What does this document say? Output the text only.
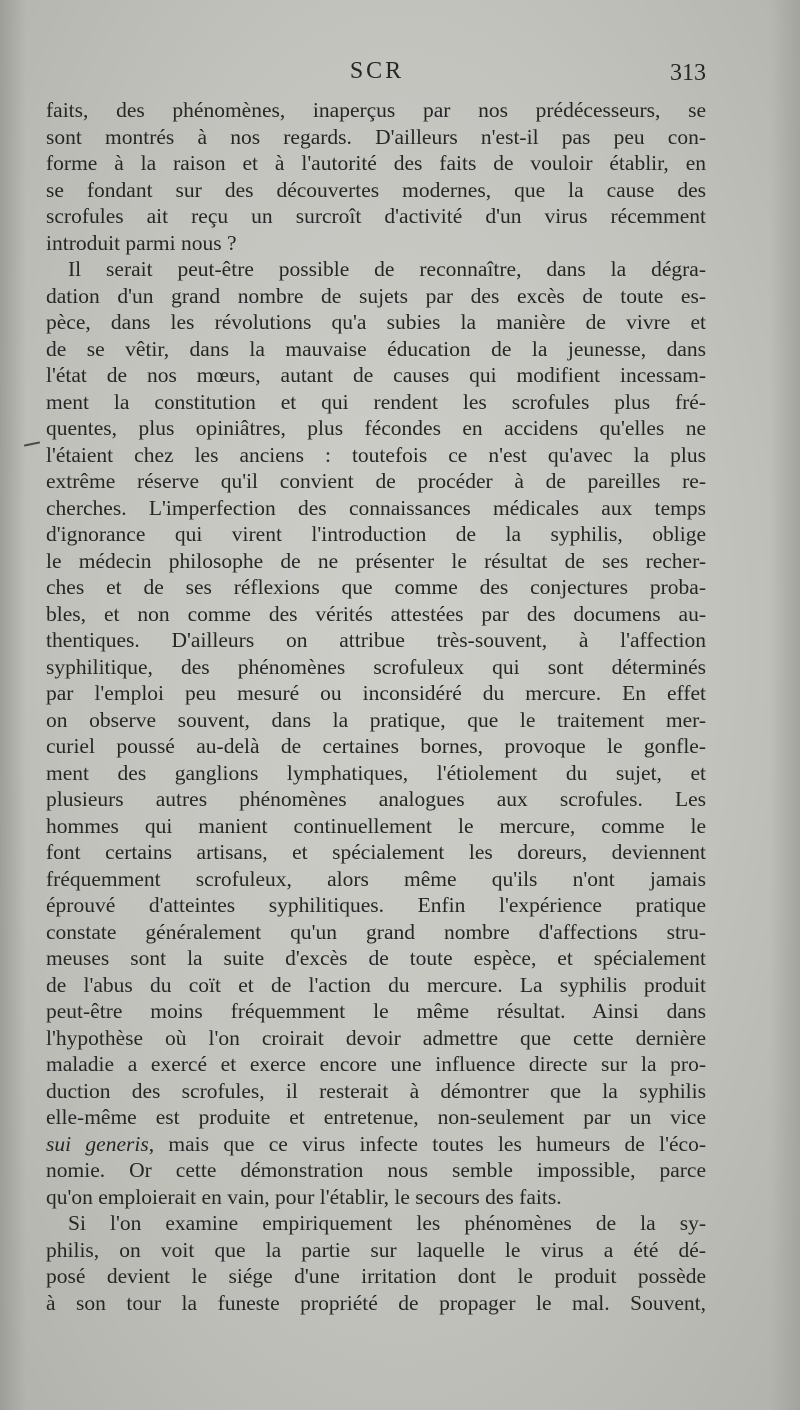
SCR	313
faits, des phénomènes, inaperçus par nos prédécesseurs, se
sont montrés à nos regards. D'ailleurs n'est-il pas peu con-
forme à la raison et à l'autorité des faits de vouloir établir, en
se fondant sur des découvertes modernes, que la cause des
scrofules ait reçu un surcroît d'activité d'un virus récemment
introduit parmi nous ?
Il serait peut-être possible de reconnaître, dans la dégra-
dation d'un grand nombre de sujets par des excès de toute es-
pèce, dans les révolutions qu'a subies la manière de vivre et
de se vêtir, dans la mauvaise éducation de la jeunesse, dans
l'état de nos mœurs, autant de causes qui modifient incessam-
ment la constitution et qui rendent les scrofules plus fré-
quentes, plus opiniâtres, plus fécondes en accidens qu'elles ne
l'étaient chez les anciens : toutefois ce n'est qu'avec la plus
extrême réserve qu'il convient de procéder à de pareilles re-
cherches. L'imperfection des connaissances médicales aux temps
d'ignorance qui virent l'introduction de la syphilis, oblige
le médecin philosophe de ne présenter le résultat de ses recher-
ches et de ses réflexions que comme des conjectures proba-
bles, et non comme des vérités attestées par des documens au-
thentiques. D'ailleurs on attribue très-souvent, à l'affection
syphilitique, des phénomènes scrofuleux qui sont déterminés
par l'emploi peu mesuré ou inconsidéré du mercure. En effet
on observe souvent, dans la pratique, que le traitement mer-
curiel poussé au-delà de certaines bornes, provoque le gonfle-
ment des ganglions lymphatiques, l'étiolement du sujet, et
plusieurs autres phénomènes analogues aux scrofules. Les
hommes qui manient continuellement le mercure, comme le
font certains artisans, et spécialement les doreurs, deviennent
fréquemment scrofuleux, alors même qu'ils n'ont jamais
éprouvé d'atteintes syphilitiques. Enfin l'expérience pratique
constate généralement qu'un grand nombre d'affections stru-
meuses sont la suite d'excès de toute espèce, et spécialement
de l'abus du coït et de l'action du mercure. La syphilis produit
peut-être moins fréquemment le même résultat. Ainsi dans
l'hypothèse où l'on croirait devoir admettre que cette dernière
maladie a exercé et exerce encore une influence directe sur la pro-
duction des scrofules, il resterait à démontrer que la syphilis
elle-même est produite et entretenue, non-seulement par un vice
sui generis, mais que ce virus infecte toutes les humeurs de l'éco-
nomie. Or cette démonstration nous semble impossible, parce
qu'on emploierait en vain, pour l'établir, le secours des faits.
Si l'on examine empiriquement les phénomènes de la sy-
philis, on voit que la partie sur laquelle le virus a été dé-
posé devient le siége d'une irritation dont le produit possède
à son tour la funeste propriété de propager le mal. Souvent,
